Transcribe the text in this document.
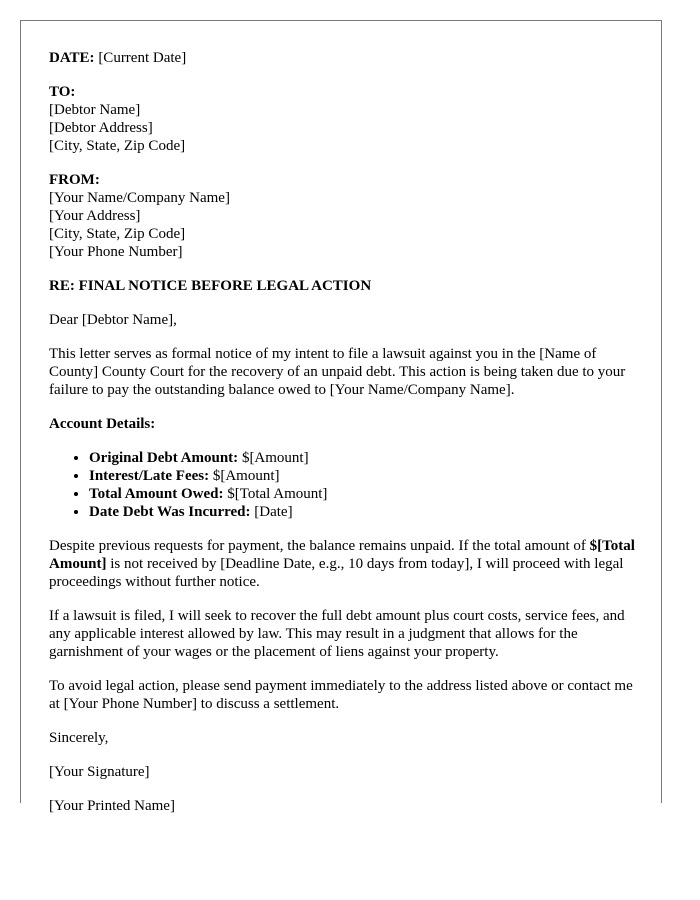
DATE: [Current Date]

TO:
[Debtor Name]
[Debtor Address]
[City, State, Zip Code]
FROM:
[Your Name/Company Name]
[Your Address]
[City, State, Zip Code]
[Your Phone Number]

RE: FINAL NOTICE BEFORE LEGAL ACTION

Dear [Debtor Name],

This letter serves as formal notice of my intent to file a lawsuit against you in the [Name of County] County Court for the recovery of an unpaid debt. This action is being taken due to your failure to pay the outstanding balance owed to [Your Name/Company Name].

Account Details:

• Original Debt Amount: $[Amount]
• Interest/Late Fees: $[Amount]
• Total Amount Owed: $[Total Amount]
• Date Debt Was Incurred: [Date]

Despite previous requests for payment, the balance remains unpaid. If the total amount of $[Total Amount] is not received by [Deadline Date, e.g., 10 days from today], I will proceed with legal proceedings without further notice.

If a lawsuit is filed, I will seek to recover the full debt amount plus court costs, service fees, and any applicable interest allowed by law. This may result in a judgment that allows for the garnishment of your wages or the placement of liens against your property.

To avoid legal action, please send payment immediately to the address listed above or contact me at [Your Phone Number] to discuss a settlement.

Sincerely,

[Your Signature]

[Your Printed Name]
